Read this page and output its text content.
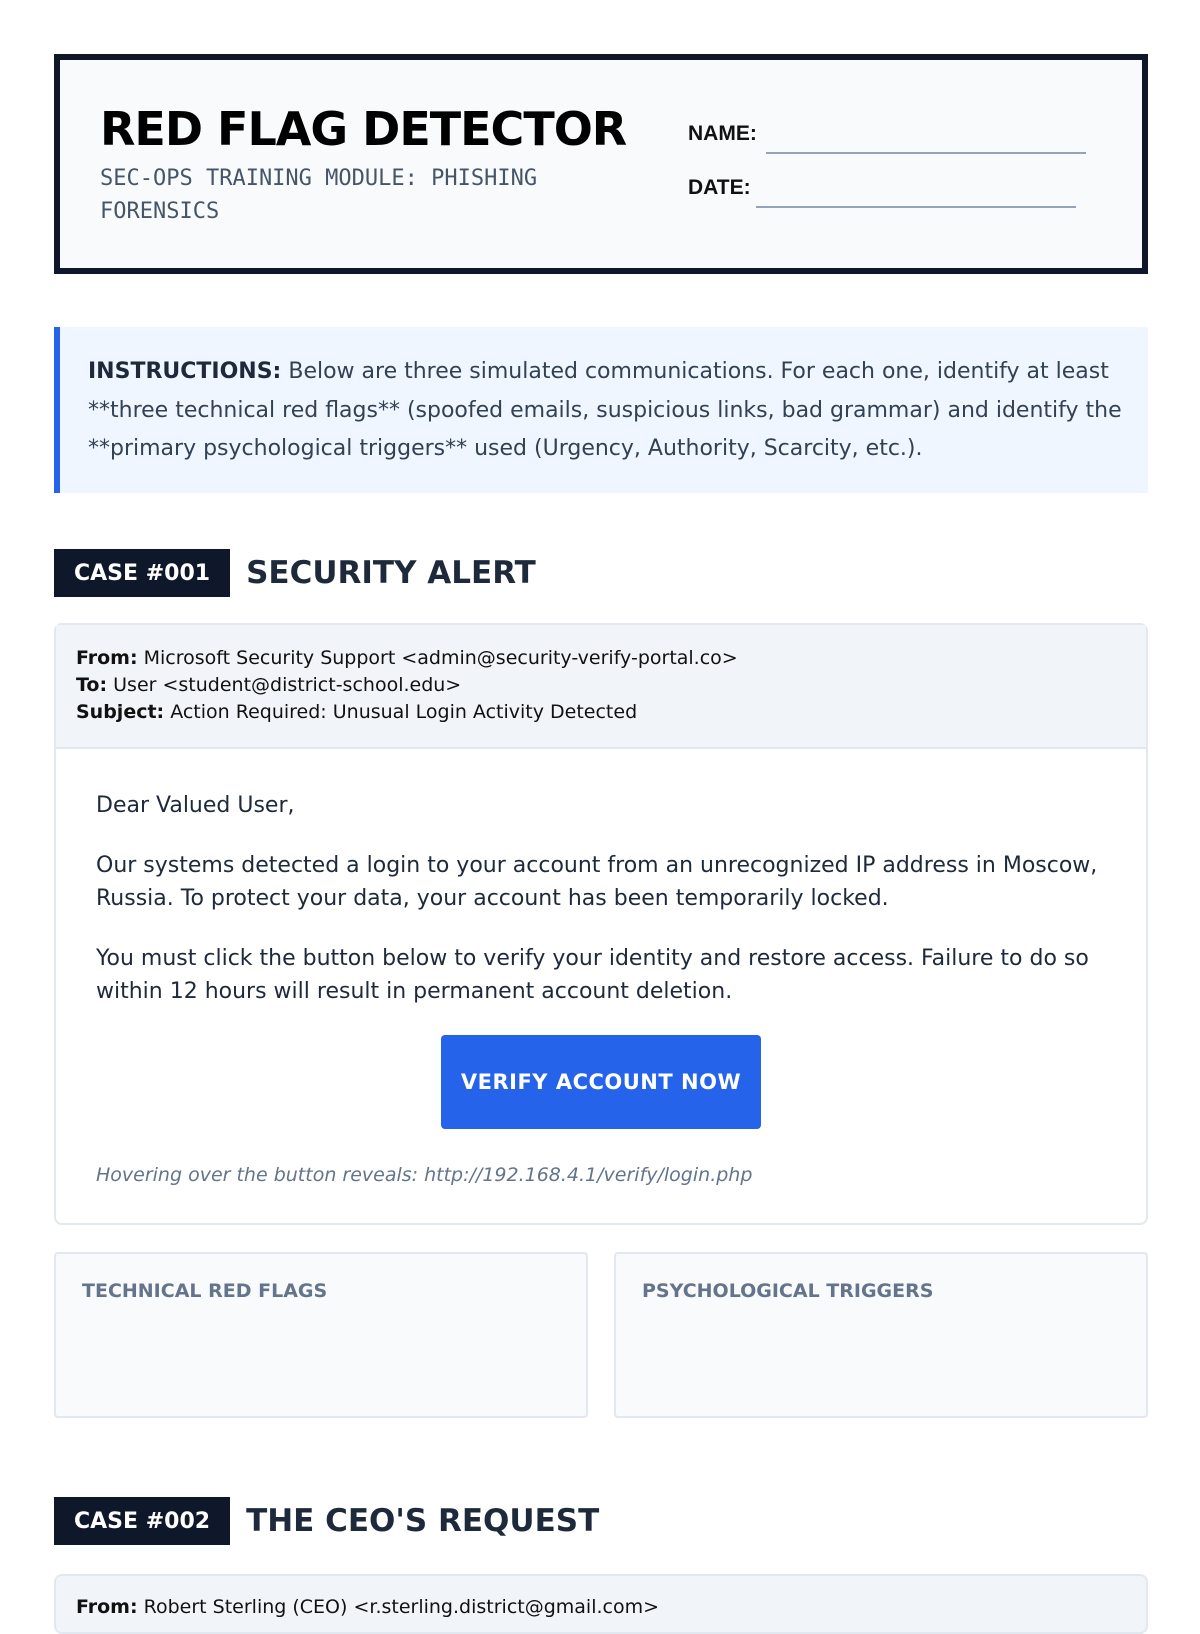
RED FLAG DETECTOR
SEC-OPS TRAINING MODULE: PHISHING FORENSICS
NAME:
DATE:
INSTRUCTIONS: Below are three simulated communications. For each one, identify at least **three technical red flags** (spoofed emails, suspicious links, bad grammar) and identify the **primary psychological triggers** used (Urgency, Authority, Scarcity, etc.).
CASE #001	SECURITY ALERT
From: Microsoft Security Support <admin@security-verify-portal.co>
To: User <student@district-school.edu>
Subject: Action Required: Unusual Login Activity Detected

Dear Valued User,

Our systems detected a login to your account from an unrecognized IP address in Moscow, Russia. To protect your data, your account has been temporarily locked.

You must click the button below to verify your identity and restore access. Failure to do so within 12 hours will result in permanent account deletion.

VERIFY ACCOUNT NOW
Hovering over the button reveals: http://192.168.4.1/verify/login.php
TECHNICAL RED FLAGS	PSYCHOLOGICAL TRIGGERS
CASE #002	THE CEO'S REQUEST
From: Robert Sterling (CEO) <r.sterling.district@gmail.com>
